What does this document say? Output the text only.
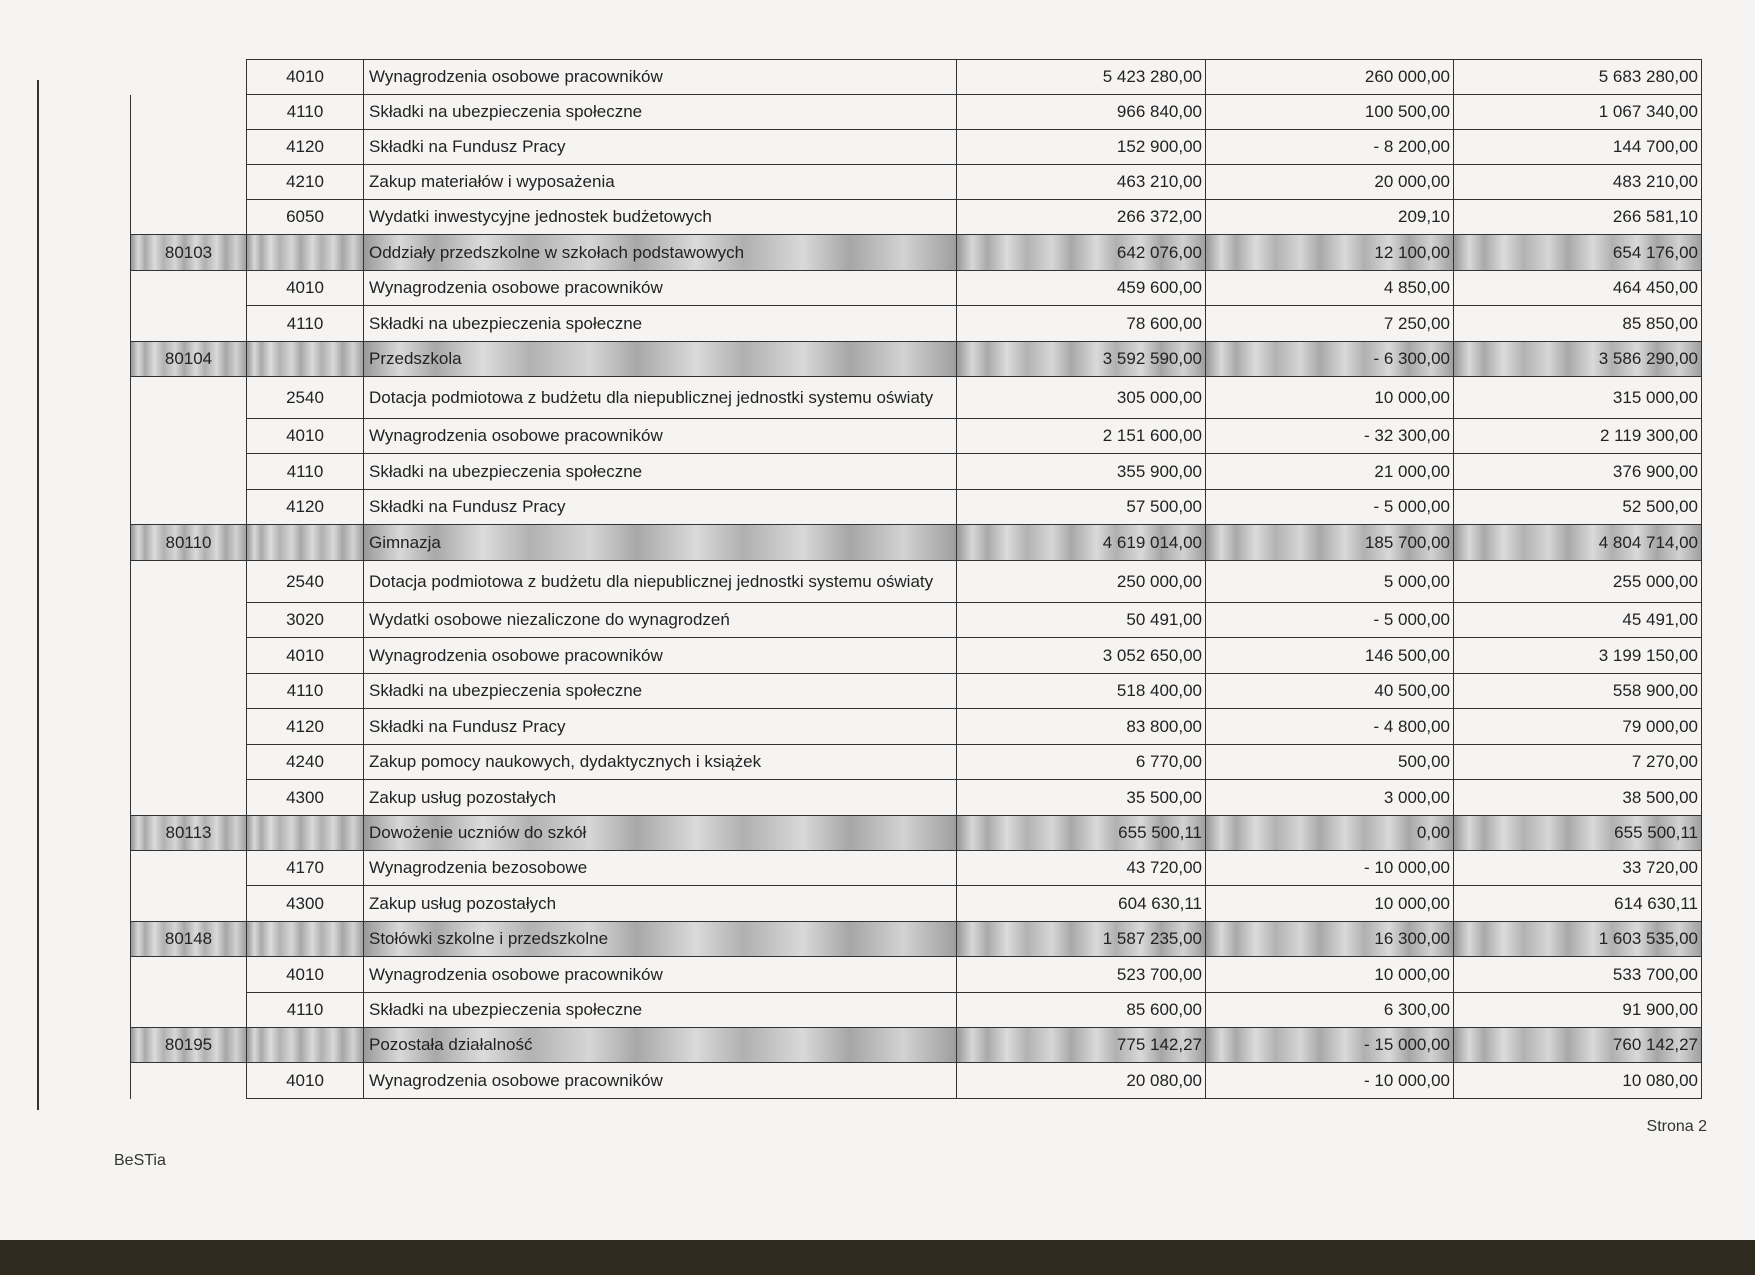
	4010	Wynagrodzenia osobowe pracowników	5 423 280,00	260 000,00	5 683 280,00
	4110	Składki na ubezpieczenia społeczne	966 840,00	100 500,00	1 067 340,00
	4120	Składki na Fundusz Pracy	152 900,00	- 8 200,00	144 700,00
	4210	Zakup materiałów i wyposażenia	463 210,00	20 000,00	483 210,00
	6050	Wydatki inwestycyjne jednostek budżetowych	266 372,00	209,10	266 581,10
80103		Oddziały przedszkolne w szkołach podstawowych	642 076,00	12 100,00	654 176,00
	4010	Wynagrodzenia osobowe pracowników	459 600,00	4 850,00	464 450,00
	4110	Składki na ubezpieczenia społeczne	78 600,00	7 250,00	85 850,00
80104		Przedszkola	3 592 590,00	- 6 300,00	3 586 290,00
	2540	Dotacja podmiotowa z budżetu dla niepublicznej jednostki systemu oświaty	305 000,00	10 000,00	315 000,00
	4010	Wynagrodzenia osobowe pracowników	2 151 600,00	- 32 300,00	2 119 300,00
	4110	Składki na ubezpieczenia społeczne	355 900,00	21 000,00	376 900,00
	4120	Składki na Fundusz Pracy	57 500,00	- 5 000,00	52 500,00
80110		Gimnazja	4 619 014,00	185 700,00	4 804 714,00
	2540	Dotacja podmiotowa z budżetu dla niepublicznej jednostki systemu oświaty	250 000,00	5 000,00	255 000,00
	3020	Wydatki osobowe niezaliczone do wynagrodzeń	50 491,00	- 5 000,00	45 491,00
	4010	Wynagrodzenia osobowe pracowników	3 052 650,00	146 500,00	3 199 150,00
	4110	Składki na ubezpieczenia społeczne	518 400,00	40 500,00	558 900,00
	4120	Składki na Fundusz Pracy	83 800,00	- 4 800,00	79 000,00
	4240	Zakup pomocy naukowych, dydaktycznych i książek	6 770,00	500,00	7 270,00
	4300	Zakup usług pozostałych	35 500,00	3 000,00	38 500,00
80113		Dowożenie uczniów do szkół	655 500,11	0,00	655 500,11
	4170	Wynagrodzenia bezosobowe	43 720,00	- 10 000,00	33 720,00
	4300	Zakup usług pozostałych	604 630,11	10 000,00	614 630,11
80148		Stołówki szkolne i przedszkolne	1 587 235,00	16 300,00	1 603 535,00
	4010	Wynagrodzenia osobowe pracowników	523 700,00	10 000,00	533 700,00
	4110	Składki na ubezpieczenia społeczne	85 600,00	6 300,00	91 900,00
80195		Pozostała działalność	775 142,27	- 15 000,00	760 142,27
	4010	Wynagrodzenia osobowe pracowników	20 080,00	- 10 000,00	10 080,00
BeSTia
Strona 2
